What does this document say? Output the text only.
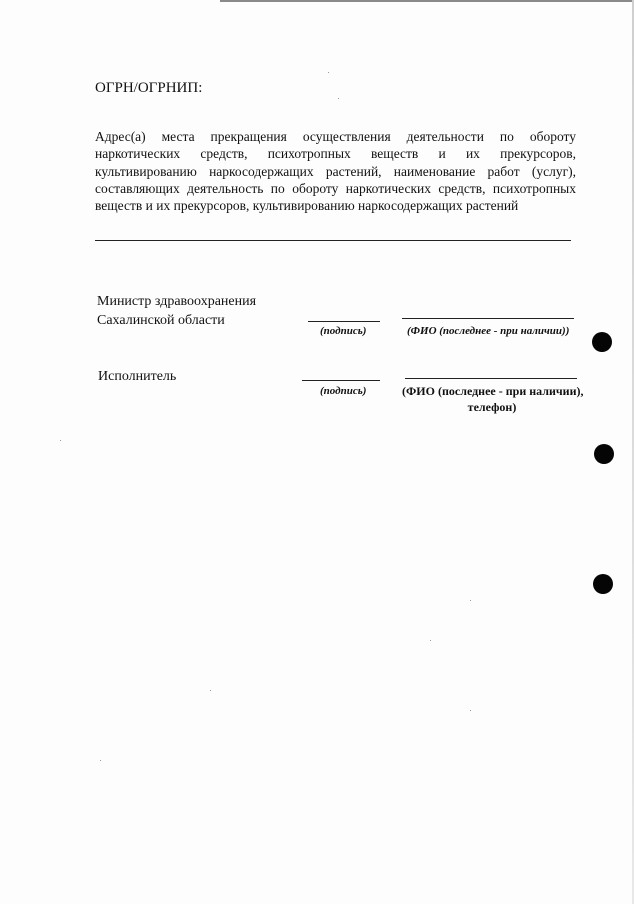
ОГРН/ОГРНИП:
Адрес(а) места прекращения осуществления деятельности по обороту наркотических средств, психотропных веществ и их прекурсоров, культивированию наркосодержащих растений, наименование работ (услуг), составляющих деятельность по обороту наркотических средств, психотропных веществ и их прекурсоров, культивированию наркосодержащих растений
Министр здравоохранения
Сахалинской области
(подпись)	(ФИО (последнее - при наличии))
Исполнитель
(подпись)	(ФИО (последнее - при наличии),
телефон)
